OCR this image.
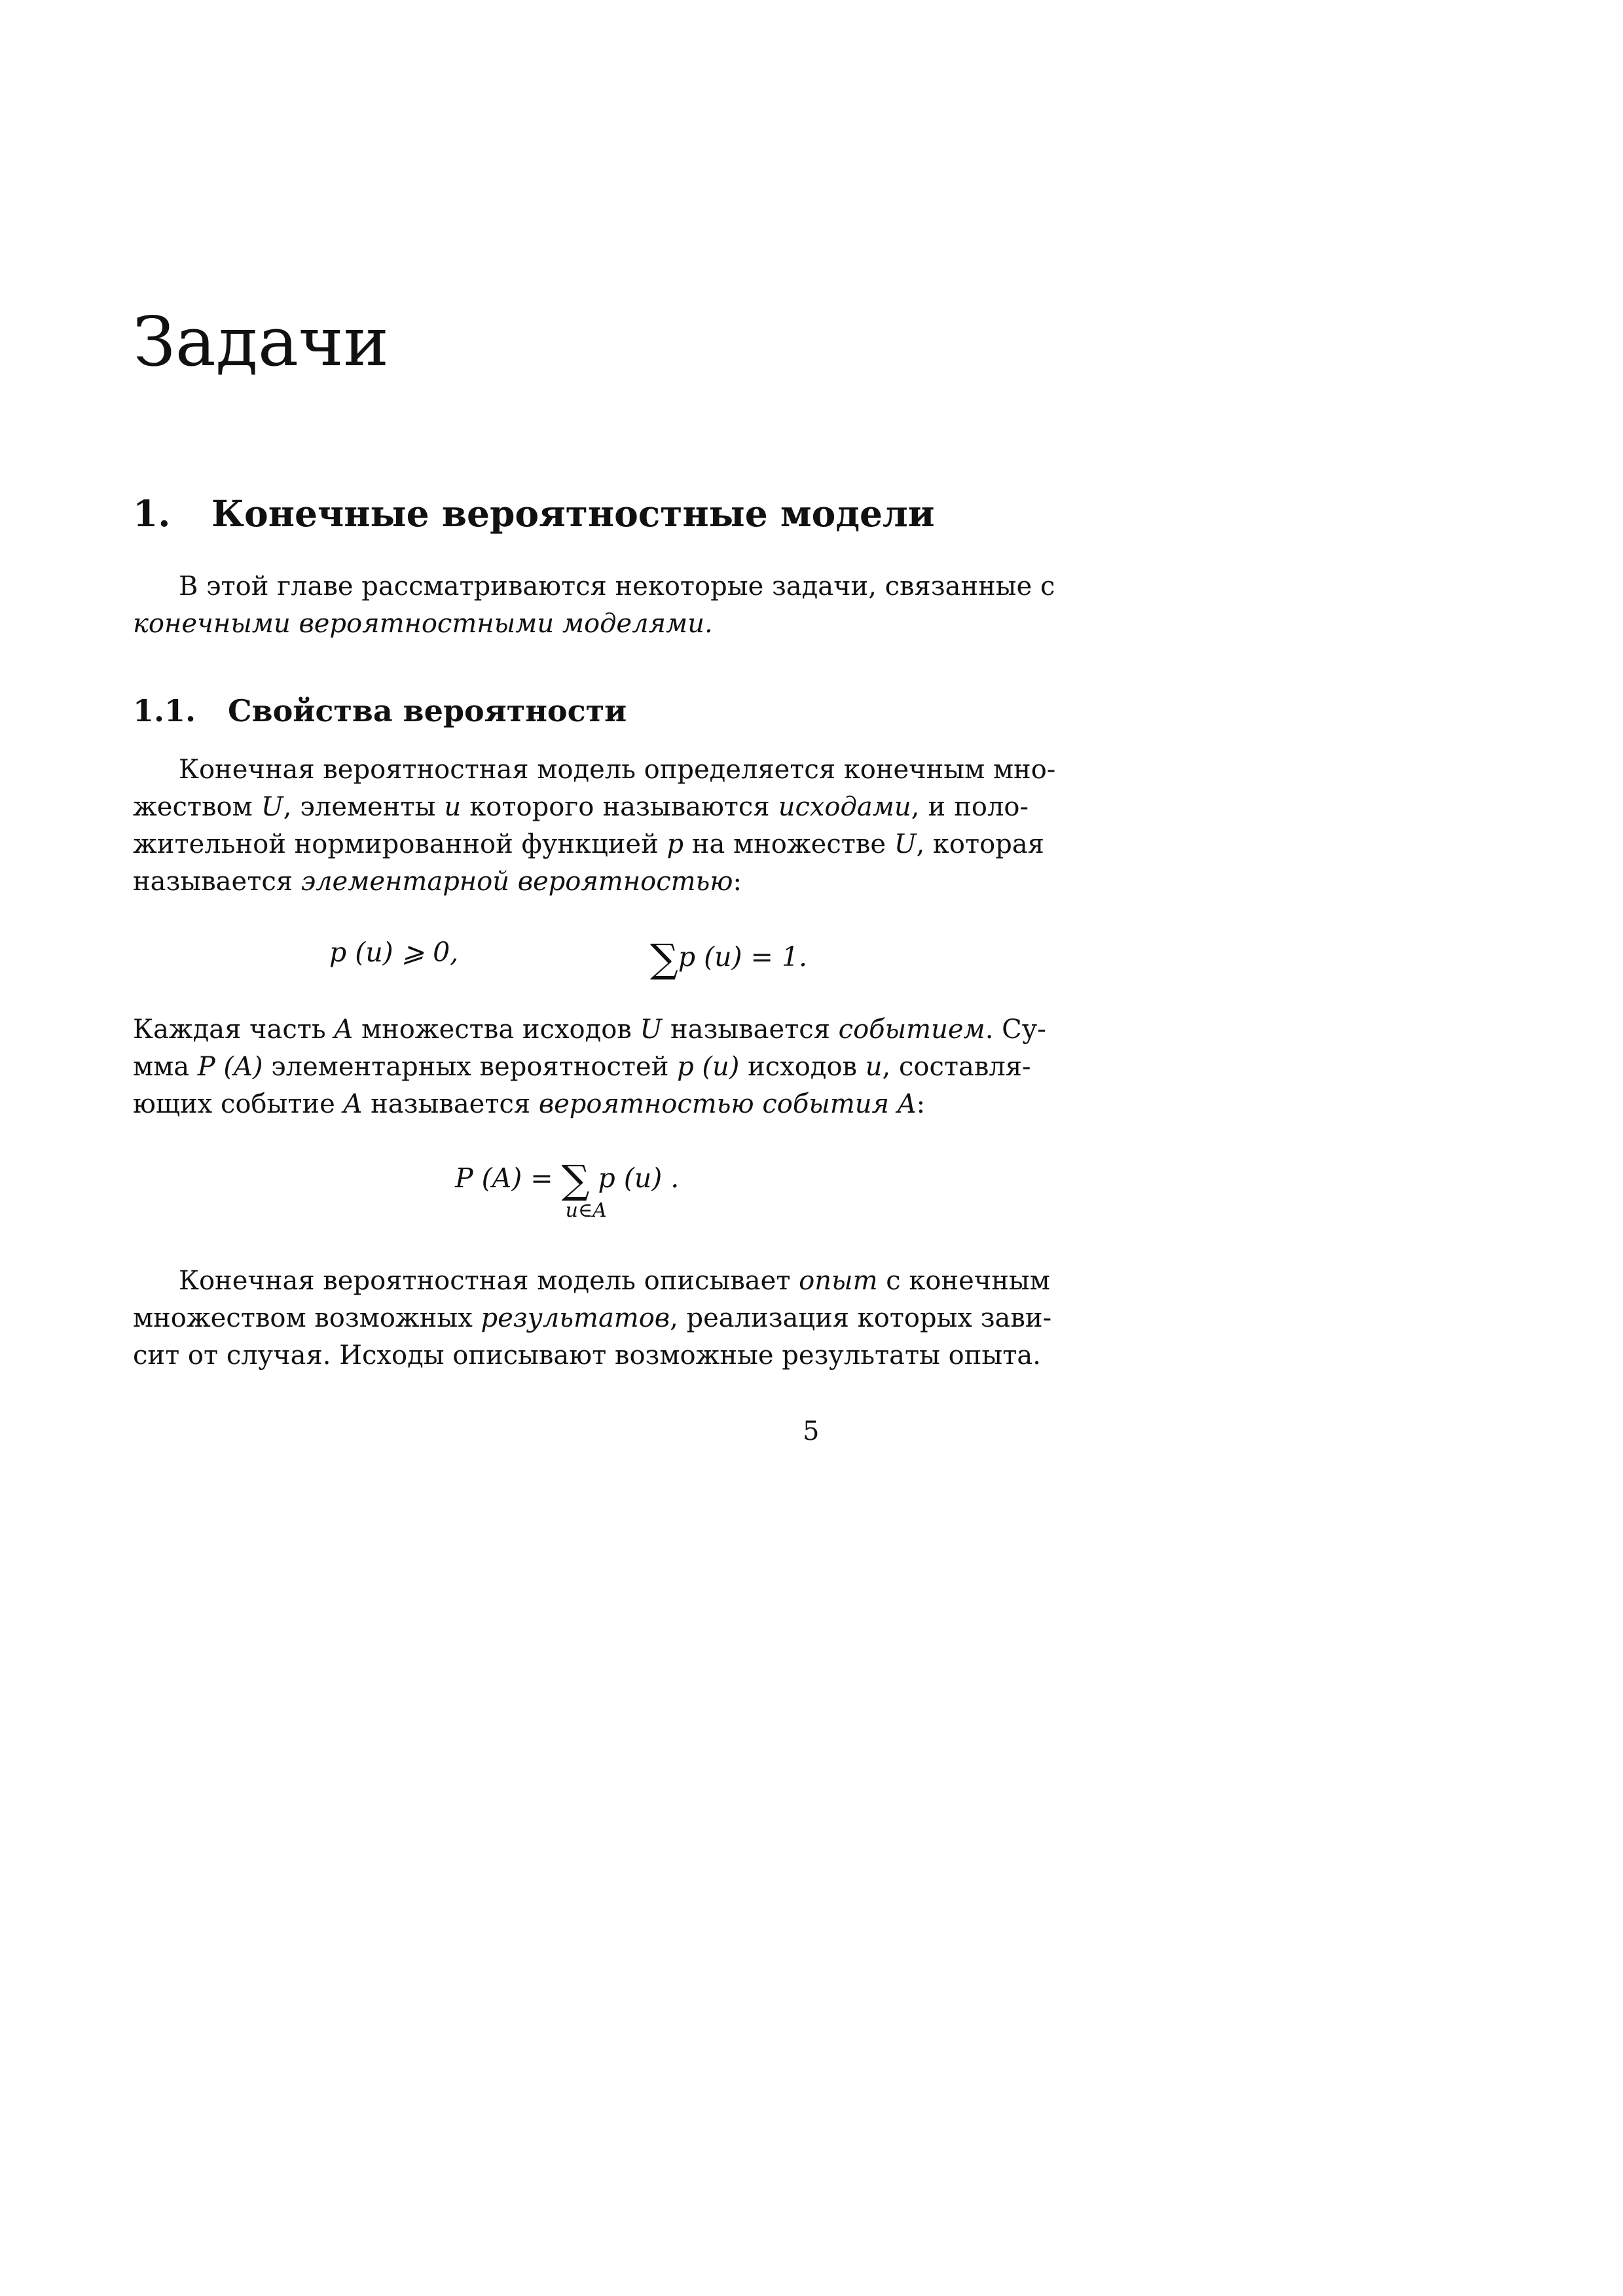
Задачи
1. Конечные вероятностные модели
В этой главе рассматриваются некоторые задачи, связанные с
конечными вероятностными моделями.
1.1. Свойства вероятности
Конечная вероятностная модель определяется конечным мно-
жеством U, элементы u которого называются исходами, и поло-
жительной нормированной функцией p на множестве U, которая
называется элементарной вероятностью:
p (u) ⩾ 0,	∑p (u) = 1.
Каждая часть A множества исходов U называется событием. Су-
мма P (A) элементарных вероятностей p (u) исходов u, составля-
ющих событие A называется вероятностью события A:
P (A) = ∑
u∈A
p (u) .
Конечная вероятностная модель описывает опыт с конечным
множеством возможных результатов, реализация которых зави-
сит от случая. Исходы описывают возможные результаты опыта.
5
